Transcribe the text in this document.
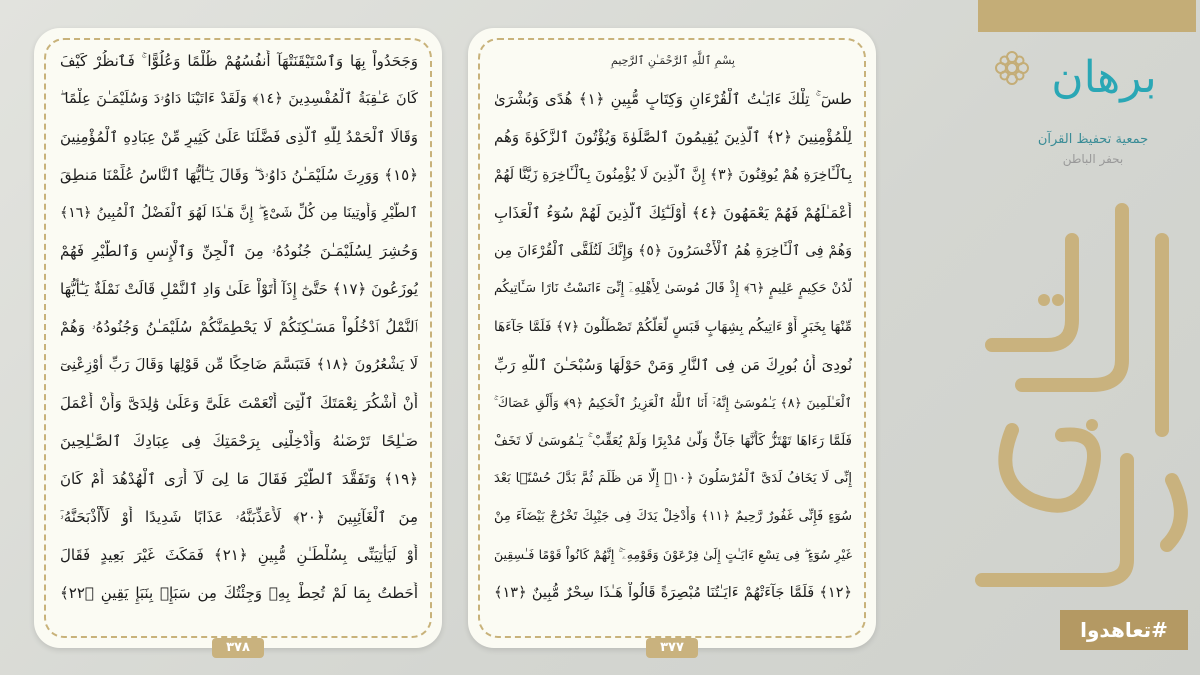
وَجَحَدُواْ بِهَا وَٱسْتَيْقَنَتْهَآ أَنفُسُهُمْ ظُلْمًا وَعُلُوًّا ۚ فَٱنظُرْ كَيْفَ
كَانَ عَـٰقِبَةُ ٱلْمُفْسِدِينَ ﴿١٤﴾ وَلَقَدْ ءَاتَيْنَا دَاوُۥدَ وَسُلَيْمَـٰنَ عِلْمًا ۖ
وَقَالَا ٱلْحَمْدُ لِلَّهِ ٱلَّذِى فَضَّلَنَا عَلَىٰ كَثِيرٍ مِّنْ عِبَادِهِ ٱلْمُؤْمِنِينَ
﴿١٥﴾ وَوَرِثَ سُلَيْمَـٰنُ دَاوُۥدَ ۖ وَقَالَ يَـٰٓأَيُّهَا ٱلنَّاسُ عُلِّمْنَا مَنطِقَ
ٱلطَّيْرِ وَأُوتِينَا مِن كُلِّ شَىْءٍ ۖ إِنَّ هَـٰذَا لَهُوَ ٱلْفَضْلُ ٱلْمُبِينُ ﴿١٦﴾
وَحُشِرَ لِسُلَيْمَـٰنَ جُنُودُهُۥ مِنَ ٱلْجِنِّ وَٱلْإِنسِ وَٱلطَّيْرِ فَهُمْ
يُوزَعُونَ ﴿١٧﴾ حَتَّىٰٓ إِذَآ أَتَوْاْ عَلَىٰ وَادِ ٱلنَّمْلِ قَالَتْ نَمْلَةٌ يَـٰٓأَيُّهَا
ٱلنَّمْلُ ٱدْخُلُواْ مَسَـٰكِنَكُمْ لَا يَحْطِمَنَّكُمْ سُلَيْمَـٰنُ وَجُنُودُهُۥ وَهُمْ
لَا يَشْعُرُونَ ﴿١٨﴾ فَتَبَسَّمَ ضَاحِكًا مِّن قَوْلِهَا وَقَالَ رَبِّ أَوْزِعْنِىٓ
أَنْ أَشْكُرَ نِعْمَتَكَ ٱلَّتِىٓ أَنْعَمْتَ عَلَىَّ وَعَلَىٰ وَٰلِدَىَّ وَأَنْ أَعْمَلَ
صَـٰلِحًا تَرْضَىٰهُ وَأَدْخِلْنِى بِرَحْمَتِكَ فِى عِبَادِكَ ٱلصَّـٰلِحِينَ
﴿١٩﴾ وَتَفَقَّدَ ٱلطَّيْرَ فَقَالَ مَا لِىَ لَآ أَرَى ٱلْهُدْهُدَ أَمْ كَانَ
مِنَ ٱلْغَآئِبِينَ ﴿٢٠﴾ لَأُعَذِّبَنَّهُۥ عَذَابًا شَدِيدًا أَوْ لَأَاْذْبَحَنَّهُۥٓ
أَوْ لَيَأْتِيَنِّى بِسُلْطَـٰنٍ مُّبِينٍ ﴿٢١﴾ فَمَكَثَ غَيْرَ بَعِيدٍ فَقَالَ
أَحَطتُ بِمَا لَمْ تُحِطْ بِهِۦ وَجِئْتُكَ مِن سَبَإٍۭ بِنَبَإٍ يَقِينٍ ﴿٢٢﴾
٣٧٨
بِسْمِ ٱللَّهِ ٱلرَّحْمَـٰنِ ٱلرَّحِيمِ
طسٓ ۚ تِلْكَ ءَايَـٰتُ ٱلْقُرْءَانِ وَكِتَابٍ مُّبِينٍ ﴿١﴾ هُدًى وَبُشْرَىٰ
لِلْمُؤْمِنِينَ ﴿٢﴾ ٱلَّذِينَ يُقِيمُونَ ٱلصَّلَوٰةَ وَيُؤْتُونَ ٱلزَّكَوٰةَ وَهُم
بِٱلْـَٔاخِرَةِ هُمْ يُوقِنُونَ ﴿٣﴾ إِنَّ ٱلَّذِينَ لَا يُؤْمِنُونَ بِٱلْـَٔاخِرَةِ زَيَّنَّا لَهُمْ
أَعْمَـٰلَهُمْ فَهُمْ يَعْمَهُونَ ﴿٤﴾ أُوْلَـٰٓئِكَ ٱلَّذِينَ لَهُمْ سُوٓءُ ٱلْعَذَابِ
وَهُمْ فِى ٱلْـَٔاخِرَةِ هُمُ ٱلْأَخْسَرُونَ ﴿٥﴾ وَإِنَّكَ لَتُلَقَّى ٱلْقُرْءَانَ مِن
لَّدُنْ حَكِيمٍ عَلِيمٍ ﴿٦﴾ إِذْ قَالَ مُوسَىٰ لِأَهْلِهِۦٓ إِنِّىٓ ءَانَسْتُ نَارًا سَـَٔاتِيكُم
مِّنْهَا بِخَبَرٍ أَوْ ءَاتِيكُم بِشِهَابٍ قَبَسٍ لَّعَلَّكُمْ تَصْطَلُونَ ﴿٧﴾ فَلَمَّا جَآءَهَا
نُودِىَ أَنۢ بُورِكَ مَن فِى ٱلنَّارِ وَمَنْ حَوْلَهَا وَسُبْحَـٰنَ ٱللَّهِ رَبِّ
ٱلْعَـٰلَمِينَ ﴿٨﴾ يَـٰمُوسَىٰٓ إِنَّهُۥٓ أَنَا ٱللَّهُ ٱلْعَزِيزُ ٱلْحَكِيمُ ﴿٩﴾ وَأَلْقِ عَصَاكَ ۚ
فَلَمَّا رَءَاهَا تَهْتَزُّ كَأَنَّهَا جَآنٌّ وَلَّىٰ مُدْبِرًا وَلَمْ يُعَقِّبْ ۚ يَـٰمُوسَىٰ لَا تَخَفْ
إِنِّى لَا يَخَافُ لَدَىَّ ٱلْمُرْسَلُونَ ﴿١٠﴾ إِلَّا مَن ظَلَمَ ثُمَّ بَدَّلَ حُسْنًۢا بَعْدَ
سُوٓءٍ فَإِنِّى غَفُورٌ رَّحِيمٌ ﴿١١﴾ وَأَدْخِلْ يَدَكَ فِى جَيْبِكَ تَخْرُجْ بَيْضَآءَ مِنْ
غَيْرِ سُوٓءٍ ۖ فِى تِسْعِ ءَايَـٰتٍ إِلَىٰ فِرْعَوْنَ وَقَوْمِهِۦٓ ۚ إِنَّهُمْ كَانُواْ قَوْمًا فَـٰسِقِينَ
﴿١٢﴾ فَلَمَّا جَآءَتْهُمْ ءَايَـٰتُنَا مُبْصِرَةً قَالُواْ هَـٰذَا سِحْرٌ مُّبِينٌ ﴿١٣﴾
٣٧٧
برهان
جمعية تحفيظ القرآن
بحفر الباطن
#تعاهدوا
